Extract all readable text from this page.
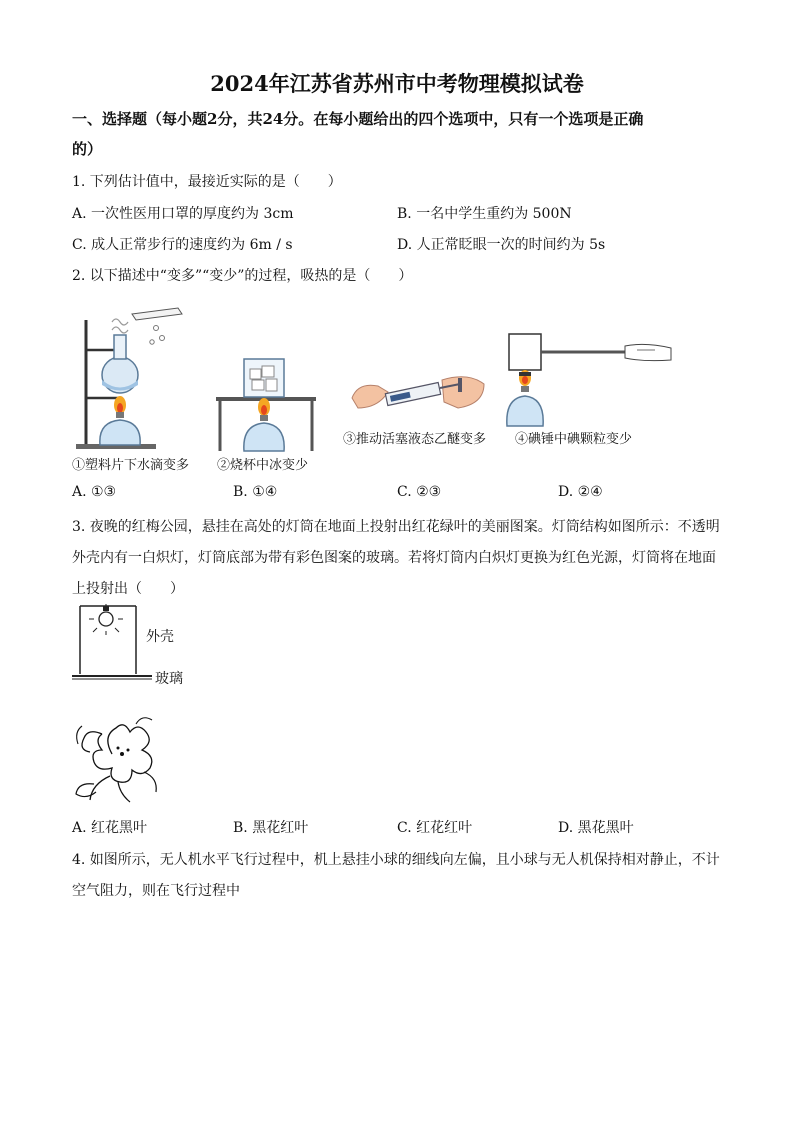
2024年江苏省苏州市中考物理模拟试卷
一、选择题（每小题2分，共24分。在每小题给出的四个选项中，只有一个选项是正确
的）
1. 下列估计值中，最接近实际的是（　　）
A. 一次性医用口罩的厚度约为 3cm	B. 一名中学生重约为 500N
C. 成人正常步行的速度约为 6m / s	D. 人正常眨眼一次的时间约为 5s
2. 以下描述中“变多”“变少”的过程，吸热的是（　　）
①塑料片下水滴变多 ②烧杯中冰变少
③推动活塞液态乙醚变多 ④碘锤中碘颗粒变少
A. ①③	B. ①④	C. ②③	D. ②④
3. 夜晚的红梅公园，悬挂在高处的灯筒在地面上投射出红花绿叶的美丽图案。灯筒结构如图所示：不透明
外壳内有一白炽灯，灯筒底部为带有彩色图案的玻璃。若将灯筒内白炽灯更换为红色光源，灯筒将在地面
上投射出（　　）
外壳
玻璃
A. 红花黑叶	B. 黑花红叶	C. 红花红叶	D. 黑花黑叶
4. 如图所示，无人机水平飞行过程中，机上悬挂小球的细线向左偏，且小球与无人机保持相对静止，不计
空气阻力，则在飞行过程中
